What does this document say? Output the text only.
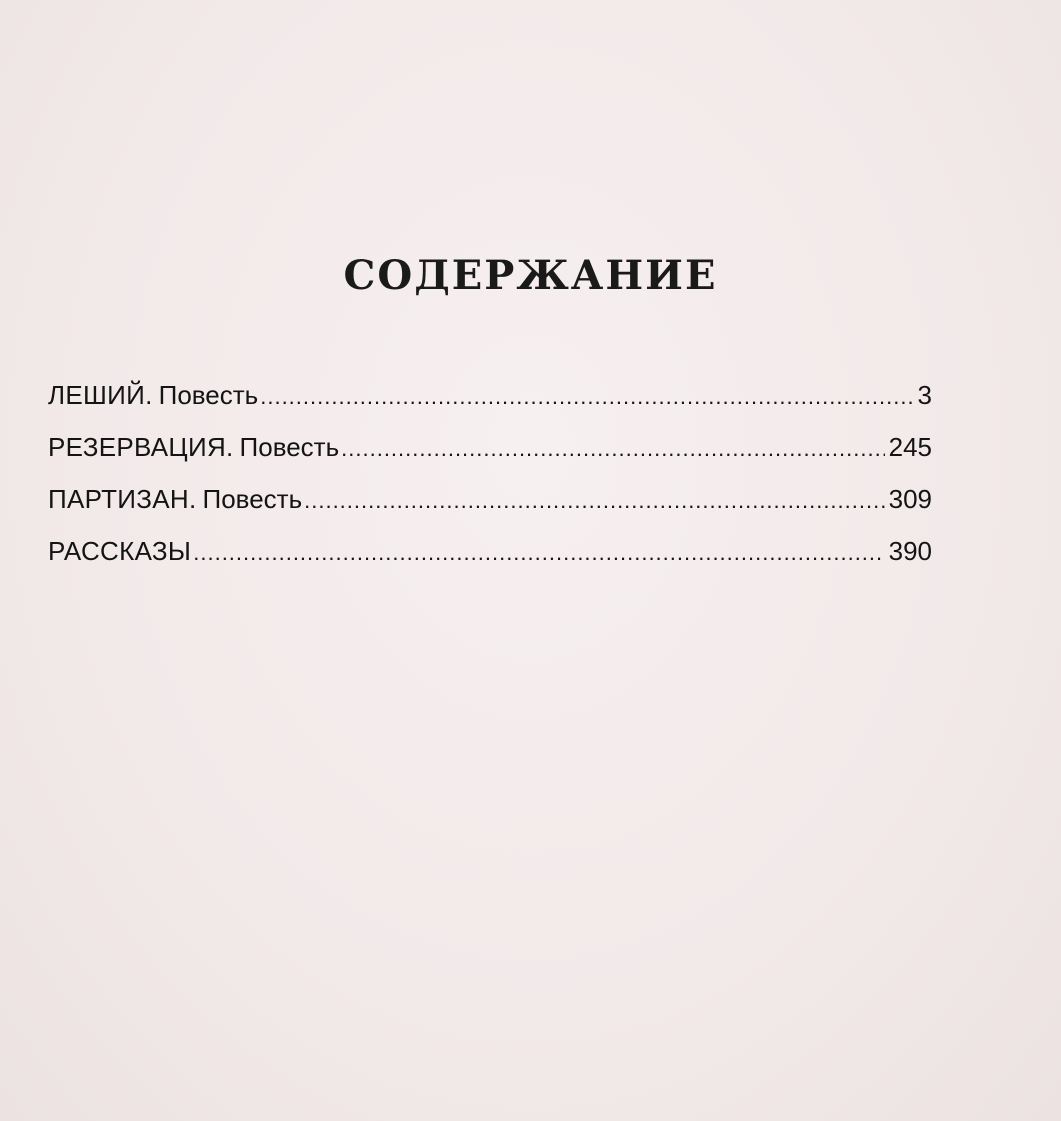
СОДЕРЖАНИЕ
ЛЕШИЙ. Повесть .....	3
РЕЗЕРВАЦИЯ. Повесть .....	245
ПАРТИЗАН. Повесть .....	309
РАССКАЗЫ .....	390
